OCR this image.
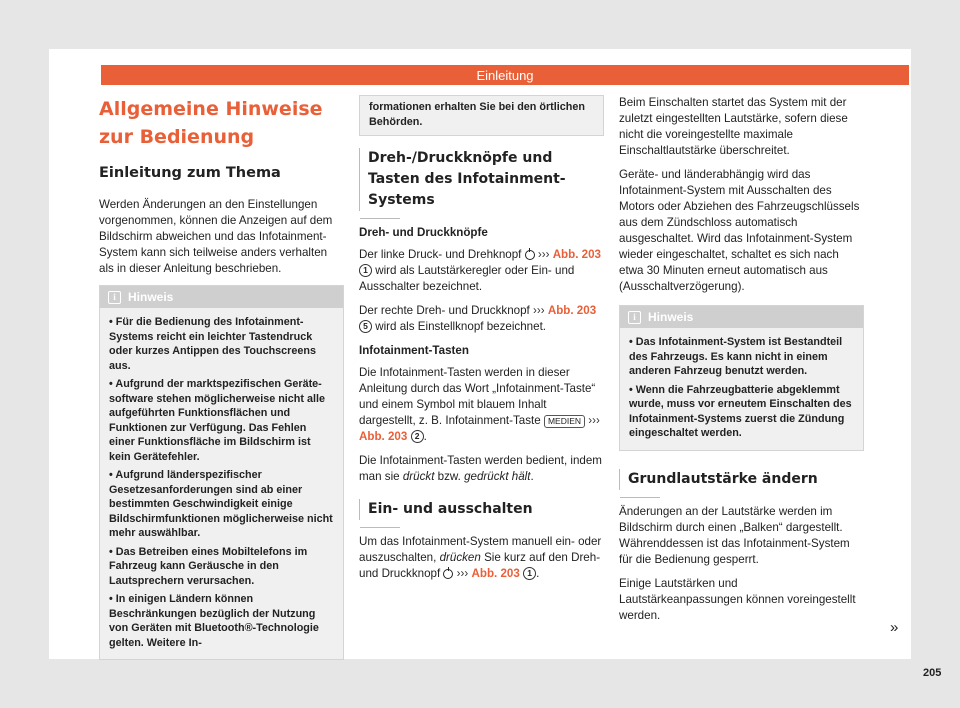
Einleitung
Allgemeine Hinweise zur Bedienung
Einleitung zum Thema

Werden Änderungen an den Einstellungen vorgenommen, können die Anzeigen auf dem Bildschirm abweichen und das Infotainment-System kann sich teilweise anders verhalten als in dieser Anleitung beschrieben.

i	Hinweis

• Für die Bedienung des Infotainment-Systems reicht ein leichter Tastendruck oder kurzes Antippen des Touchscreens aus.

• Aufgrund der marktspezifischen Geräte-software stehen möglicherweise nicht alle aufgeführten Funktionsflächen und Funktionen zur Verfügung. Das Fehlen einer Funktionsfläche im Bildschirm ist kein Gerätefehler.

• Aufgrund länderspezifischer Gesetzesanforderungen sind ab einer bestimmten Geschwindigkeit einige Bildschirmfunktionen möglicherweise nicht mehr auswählbar.

• Das Betreiben eines Mobiltelefons im Fahrzeug kann Geräusche in den Lautsprechern verursachen.

• In einigen Ländern können Beschränkungen bezüglich der Nutzung von Geräten mit Bluetooth®-Technologie gelten. Weitere In-

formationen erhalten Sie bei den örtlichen Behörden.
Dreh-/Druckknöpfe und Tasten des Infotainment-Systems

Dreh- und Druckknöpfe

Der linke Druck- und Drehknopf ››› Abb. 203 1 wird als Lautstärkeregler oder Ein- und Ausschalter bezeichnet.

Der rechte Dreh- und Druckknopf ››› Abb. 203 5 wird als Einstellknopf bezeichnet.

Infotainment-Tasten

Die Infotainment-Tasten werden in dieser Anleitung durch das Wort „Infotainment-Taste“ und einem Symbol mit blauem Inhalt dargestellt, z. B. Infotainment-Taste MEDIEN ››› Abb. 203 2 .

Die Infotainment-Tasten werden bedient, indem man sie drückt bzw. gedrückt hält.

Ein- und ausschalten

Um das Infotainment-System manuell ein- oder auszuschalten, drücken Sie kurz auf den Dreh- und Druckknopf ››› Abb. 203 1 .

Beim Einschalten startet das System mit der zuletzt eingestellten Lautstärke, sofern diese nicht die voreingestellte maximale Einschaltlautstärke überschreitet.

Geräte- und länderabhängig wird das Infotainment-System mit Ausschalten des Motors oder Abziehen des Fahrzeugschlüssels aus dem Zündschloss automatisch ausgeschaltet. Wird das Infotainment-System wieder eingeschaltet, schaltet es sich nach etwa 30 Minuten erneut automatisch aus (Ausschaltverzögerung).

i	Hinweis

• Das Infotainment-System ist Bestandteil des Fahrzeugs. Es kann nicht in einem anderen Fahrzeug benutzt werden.

• Wenn die Fahrzeugbatterie abgeklemmt wurde, muss vor erneutem Einschalten des Infotainment-Systems zuerst die Zündung eingeschaltet werden.

Grundlautstärke ändern

Änderungen an der Lautstärke werden im Bildschirm durch einen „Balken“ dargestellt. Währenddessen ist das Infotainment-System für die Bedienung gesperrt.

Einige Lautstärken und Lautstärkeanpassungen können voreingestellt werden.

»
205
